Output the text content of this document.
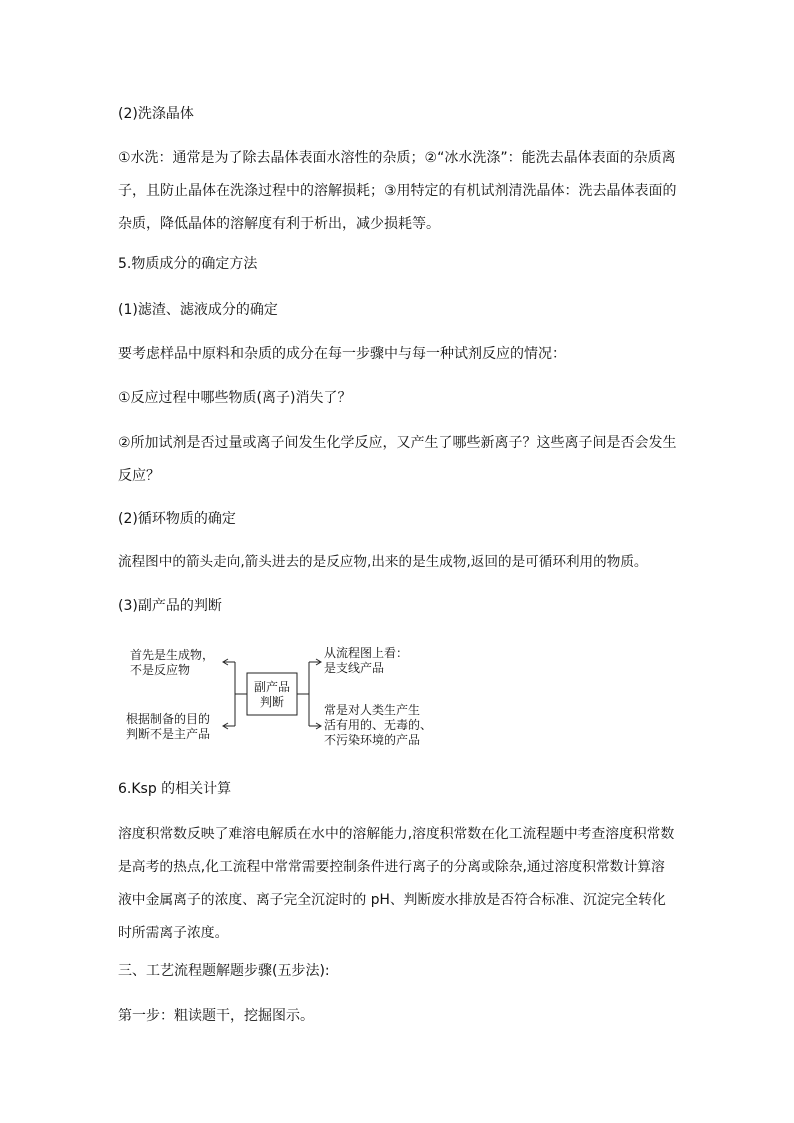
(2)洗涤晶体

①水洗：通常是为了除去晶体表面水溶性的杂质；②“冰水洗涤”：能洗去晶体表面的杂质离子，且防止晶体在洗涤过程中的溶解损耗；③用特定的有机试剂清洗晶体：洗去晶体表面的杂质，降低晶体的溶解度有利于析出，减少损耗等。

5.物质成分的确定方法

(1)滤渣、滤液成分的确定

要考虑样品中原料和杂质的成分在每一步骤中与每一种试剂反应的情况：

①反应过程中哪些物质(离子)消失了？

②所加试剂是否过量或离子间发生化学反应，又产生了哪些新离子？这些离子间是否会发生反应？

(2)循环物质的确定

流程图中的箭头走向,箭头进去的是反应物,出来的是生成物,返回的是可循环利用的物质。

(3)副产品的判断

副产品
判断
首先是生成物，
不是反应物
根据制备的目的
判断不是主产品
从流程图上看：
是支线产品
常是对人类生产生
活有用的、无毒的、
不污染环境的产品

6.Ksp 的相关计算

溶度积常数反映了难溶电解质在水中的溶解能力,溶度积常数在化工流程题中考查溶度积常数是高考的热点,化工流程中常常需要控制条件进行离子的分离或除杂,通过溶度积常数计算溶液中金属离子的浓度、离子完全沉淀时的 pH、判断废水排放是否符合标准、沉淀完全转化时所需离子浓度。

三、工艺流程题解题步骤(五步法):

第一步：粗读题干，挖掘图示。
